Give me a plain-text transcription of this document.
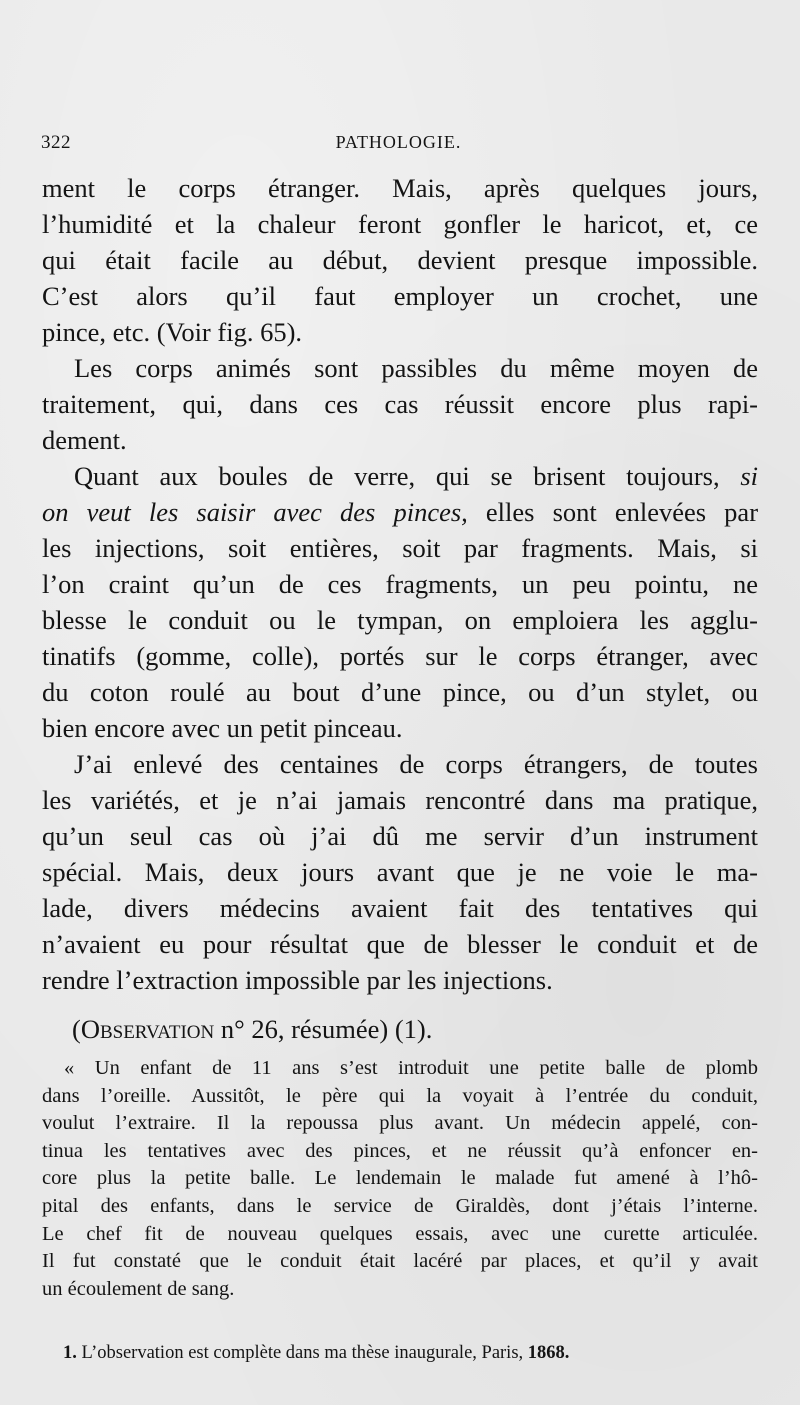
322	PATHOLOGIE.
ment le corps étranger. Mais, après quelques jours,
l’humidité et la chaleur feront gonfler le haricot, et, ce
qui était facile au début, devient presque impossible.
C’est alors qu’il faut employer un crochet, une
pince, etc. (Voir fig. 65).
Les corps animés sont passibles du même moyen de
traitement, qui, dans ces cas réussit encore plus rapi-
dement.
Quant aux boules de verre, qui se brisent toujours, si
on veut les saisir avec des pinces, elles sont enlevées par
les injections, soit entières, soit par fragments. Mais, si
l’on craint qu’un de ces fragments, un peu pointu, ne
blesse le conduit ou le tympan, on emploiera les agglu-
tinatifs (gomme, colle), portés sur le corps étranger, avec
du coton roulé au bout d’une pince, ou d’un stylet, ou
bien encore avec un petit pinceau.
J’ai enlevé des centaines de corps étrangers, de toutes
les variétés, et je n’ai jamais rencontré dans ma pratique,
qu’un seul cas où j’ai dû me servir d’un instrument
spécial. Mais, deux jours avant que je ne voie le ma-
lade, divers médecins avaient fait des tentatives qui
n’avaient eu pour résultat que de blesser le conduit et de
rendre l’extraction impossible par les injections.
(Observation n° 26, résumée) (1).
« Un enfant de 11 ans s’est introduit une petite balle de plomb
dans l’oreille. Aussitôt, le père qui la voyait à l’entrée du conduit,
voulut l’extraire. Il la repoussa plus avant. Un médecin appelé, con-
tinua les tentatives avec des pinces, et ne réussit qu’à enfoncer en-
core plus la petite balle. Le lendemain le malade fut amené à l’hô-
pital des enfants, dans le service de Giraldès, dont j’étais l’interne.
Le chef fit de nouveau quelques essais, avec une curette articulée.
Il fut constaté que le conduit était lacéré par places, et qu’il y avait
un écoulement de sang.
1. L’observation est complète dans ma thèse inaugurale, Paris, 1868.
